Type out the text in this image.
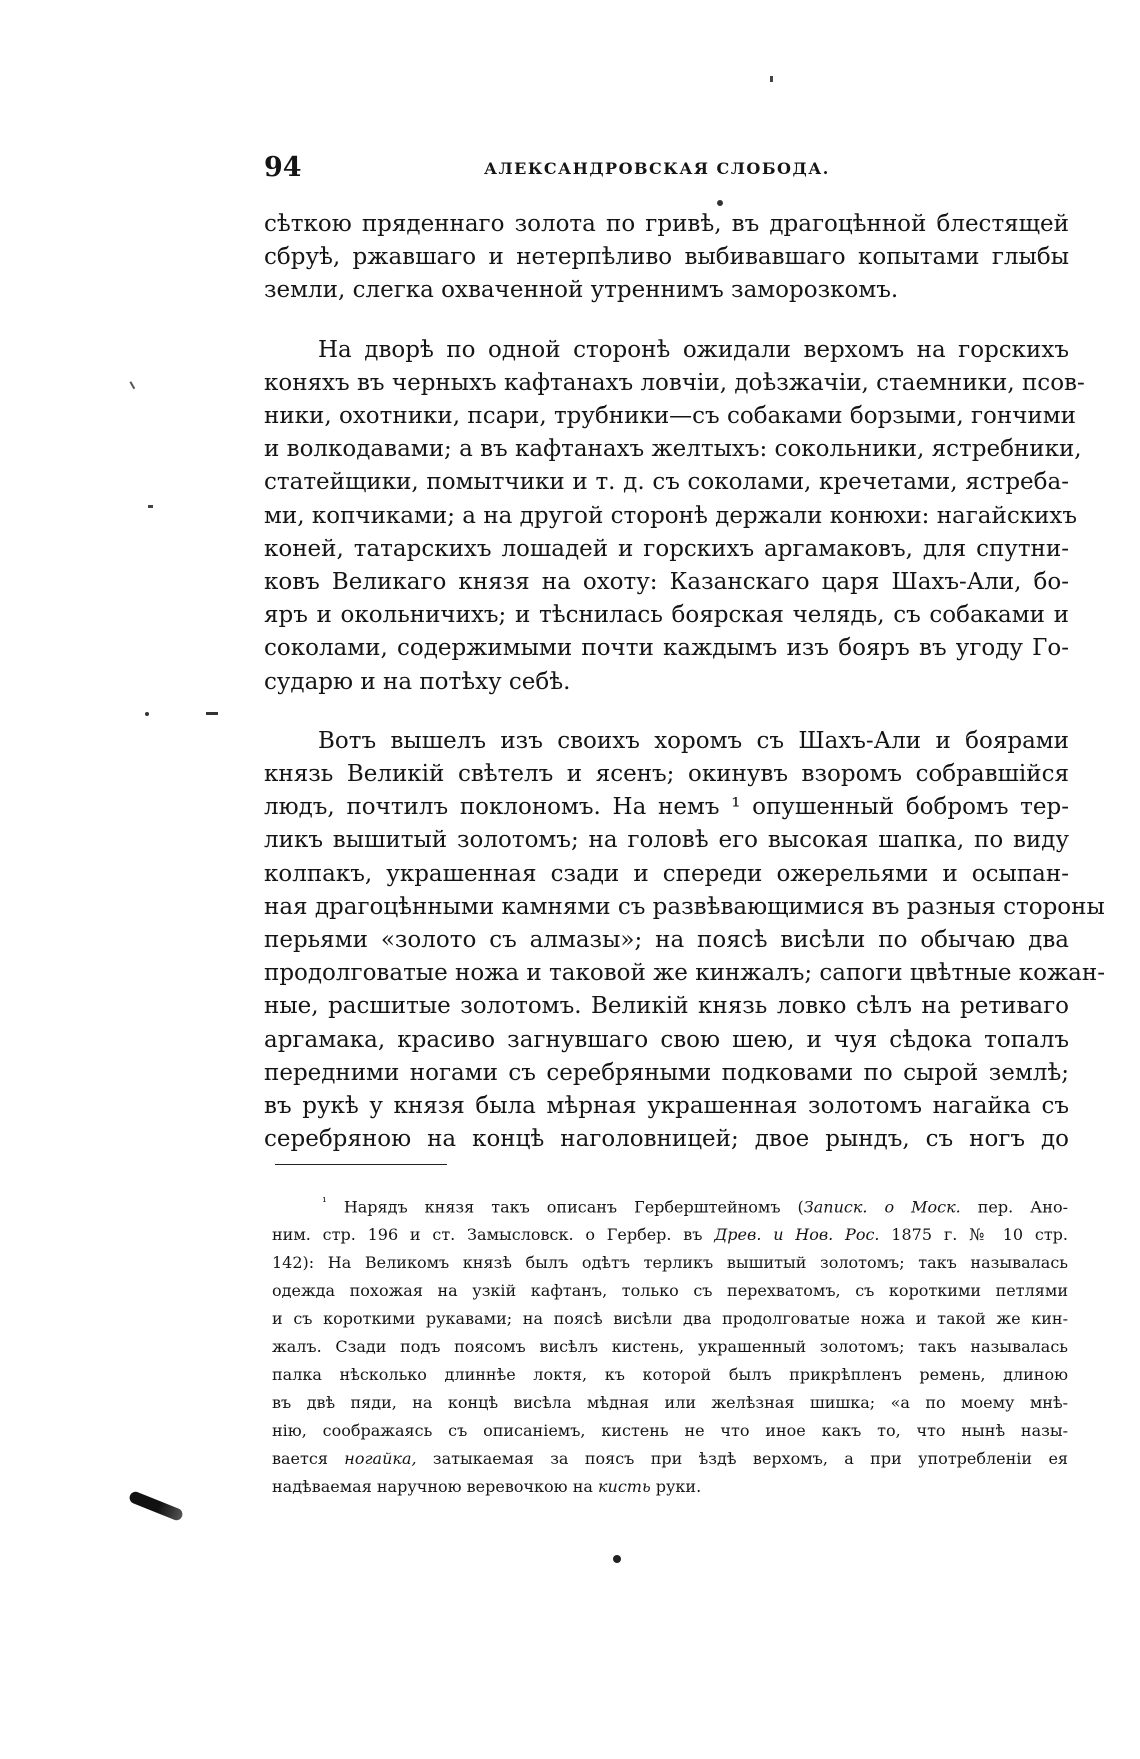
94	АЛЕКСАНДРОВСКАЯ СЛОБОДА.
сѣткою пряденнаго золота по гривѣ, въ драгоцѣнной блестящей
сбруѣ, ржавшаго и нетерпѣливо выбивавшаго копытами глыбы
земли, слегка охваченной утреннимъ заморозкомъ.
На дворѣ по одной сторонѣ ожидали верхомъ на горскихъ
коняхъ въ черныхъ кафтанахъ ловчiи, доѣзжачiи, стаемники, псов-
ники, охотники, псари, трубники—съ собаками борзыми, гончими
и волкодавами; а въ кафтанахъ желтыхъ: сокольники, ястребники,
статейщики, помытчики и т. д. съ соколами, кречетами, ястреба-
ми, копчиками; а на другой сторонѣ держали конюхи: нагайскихъ
коней, татарскихъ лошадей и горскихъ аргамаковъ, для спутни-
ковъ Великаго князя на охоту: Казанскаго царя Шахъ-Али, бо-
яръ и окольничихъ; и тѣснилась боярская челядь, съ собаками и
соколами, содержимыми почти каждымъ изъ бояръ въ угоду Го-
сударю и на потѣху себѣ.
Вотъ вышелъ изъ своихъ хоромъ съ Шахъ-Али и боярами
князь Великiй свѣтелъ и ясенъ; окинувъ взоромъ собравшiйся
людъ, почтилъ поклономъ. На немъ ¹ опушенный бобромъ тер-
ликъ вышитый золотомъ; на головѣ его высокая шапка, по виду
колпакъ, украшенная сзади и спереди ожерельями и осыпан-
ная драгоцѣнными камнями съ развѣвающимися въ разныя стороны
перьями «золото съ алмазы»; на поясѣ висѣли по обычаю два
продолговатые ножа и таковой же кинжалъ; сапоги цвѣтные кожан-
ные, расшитые золотомъ. Великiй князь ловко сѣлъ на ретиваго
аргамака, красиво загнувшаго свою шею, и чуя сѣдока топалъ
передними ногами съ серебряными подковами по сырой землѣ;
въ рукѣ у князя была мѣрная украшенная золотомъ нагайка съ
серебряною на концѣ наголовницей; двое рындъ, съ ногъ до
$^{^1}$ Нарядъ князя такъ описанъ Герберштейномъ (Записк. о Моск. пер. Ано-
ним. стр. 196 и ст. Замысловск. о Гербер. въ Древ. и Нов. Рос. 1875 г. № 10 стр.
142): На Великомъ князѣ былъ одѣтъ терликъ вышитый золотомъ; такъ называлась
одежда похожая на узкiй кафтанъ, только съ перехватомъ, съ короткими петлями
и съ короткими рукавами; на поясѣ висѣли два продолговатые ножа и такой же кин-
жалъ. Сзади подъ поясомъ висѣлъ кистень, украшенный золотомъ; такъ называлась
палка нѣсколько длиннѣе локтя, къ которой былъ прикрѣпленъ ремень, длиною
въ двѣ пяди, на концѣ висѣла мѣдная или желѣзная шишка; «а по моему мнѣ-
нiю, соображаясь съ описанiемъ, кистень не что иное какъ то, что нынѣ назы-
вается ногайка, затыкаемая за поясъ при ѣздѣ верхомъ, а при употребленiи ея
надѣваемая наручною веревочкою на кисть руки.
